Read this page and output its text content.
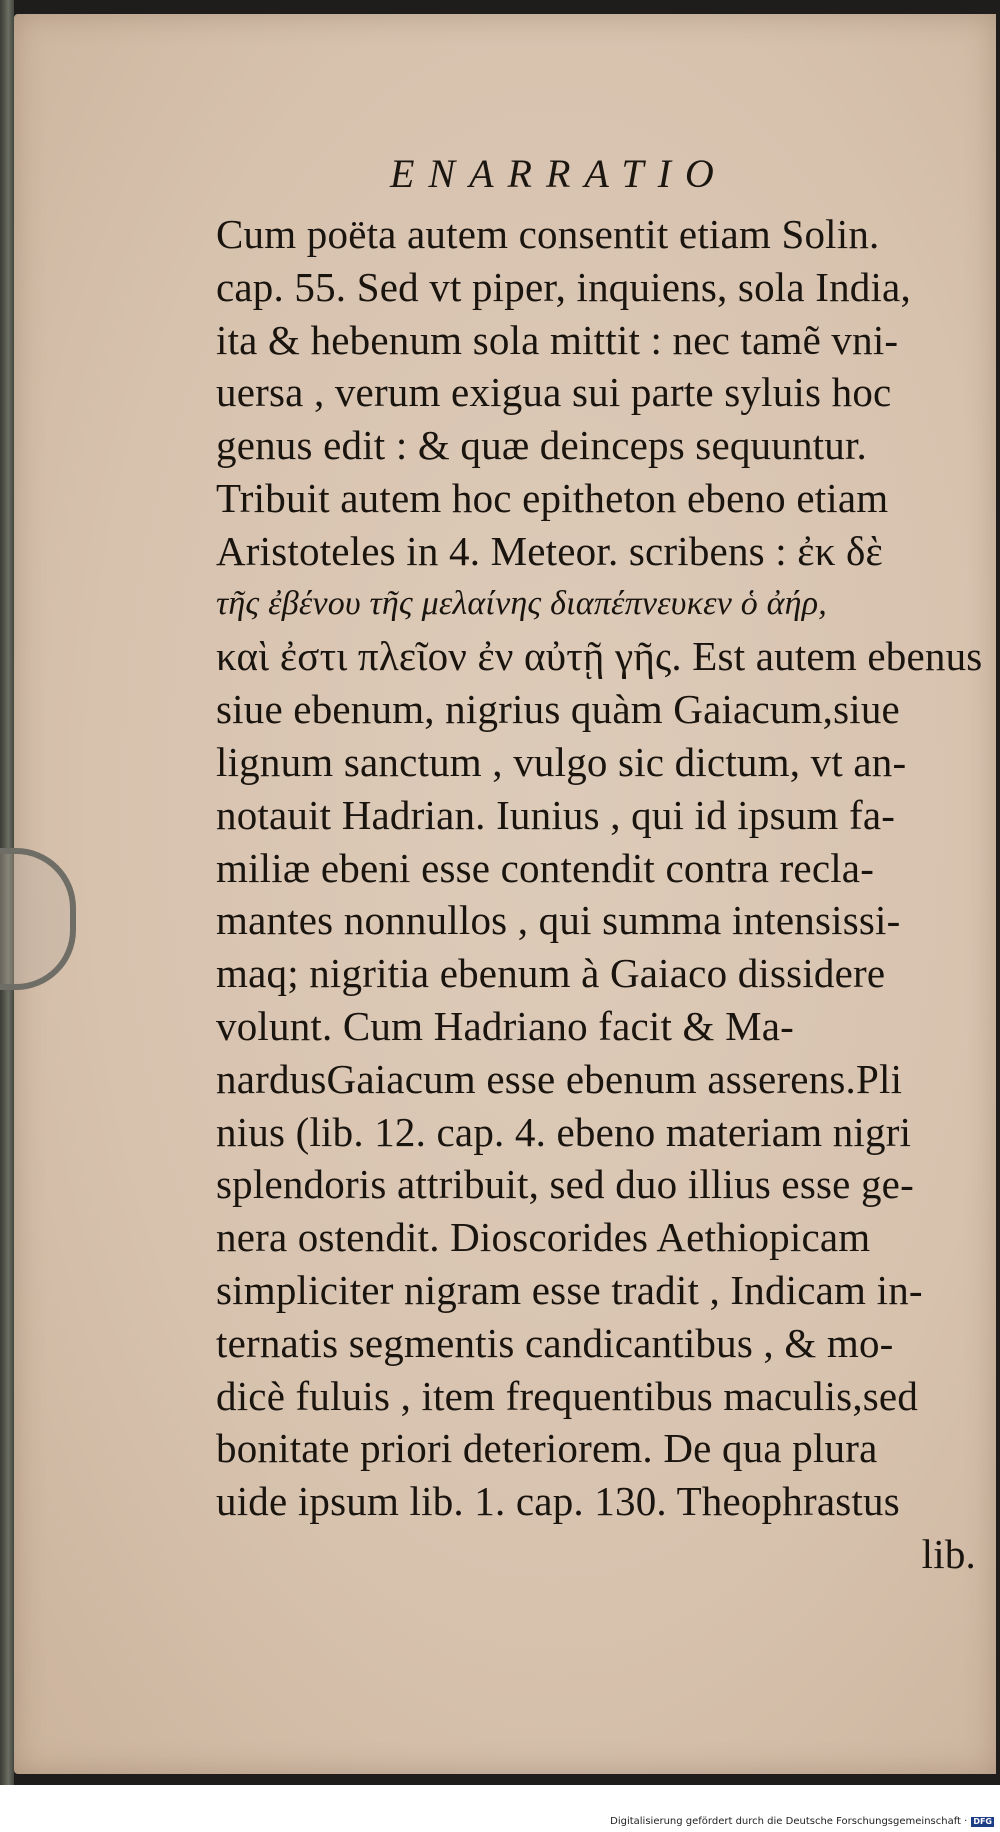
ENARRATIO
Cum poëta autem consentit etiam Solin.
cap. 55. Sed vt piper, inquiens, sola India,
ita & hebenum sola mittit : nec tamẽ vni-
uersa , verum exigua sui parte syluis hoc
genus edit : & quæ deinceps sequuntur.
Tribuit autem hoc epitheton ebeno etiam
Aristoteles in 4. Meteor. scribens : ἐκ δὲ
τῆς ἐβένου τῆς μελαίνης διαπέπνευκεν ὁ ἀήρ,
καὶ ἐστι πλεῖον ἐν αὐτῇ γῆς. Est autem ebenus
siue ebenum, nigrius quàm Gaiacum,siue
lignum sanctum , vulgo sic dictum, vt an-
notauit Hadrian. Iunius , qui id ipsum fa-
miliæ ebeni esse contendit contra recla-
mantes nonnullos , qui summa intensissi-
maq; nigritia ebenum à Gaiaco dissidere
volunt. Cum Hadriano facit & Ma-
nardusGaiacum esse ebenum asserens.Pli
nius (lib. 12. cap. 4. ebeno materiam nigri
splendoris attribuit, sed duo illius esse ge-
nera ostendit. Dioscorides Aethiopicam
simpliciter nigram esse tradit , Indicam in-
ternatis segmentis candicantibus , & mo-
dicè fuluis , item frequentibus maculis,sed
bonitate priori deteriorem. De qua plura
uide ipsum lib. 1. cap. 130. Theophrastus
lib.
Digitalisierung gefördert durch die Deutsche Forschungsgemeinschaft · DFG
